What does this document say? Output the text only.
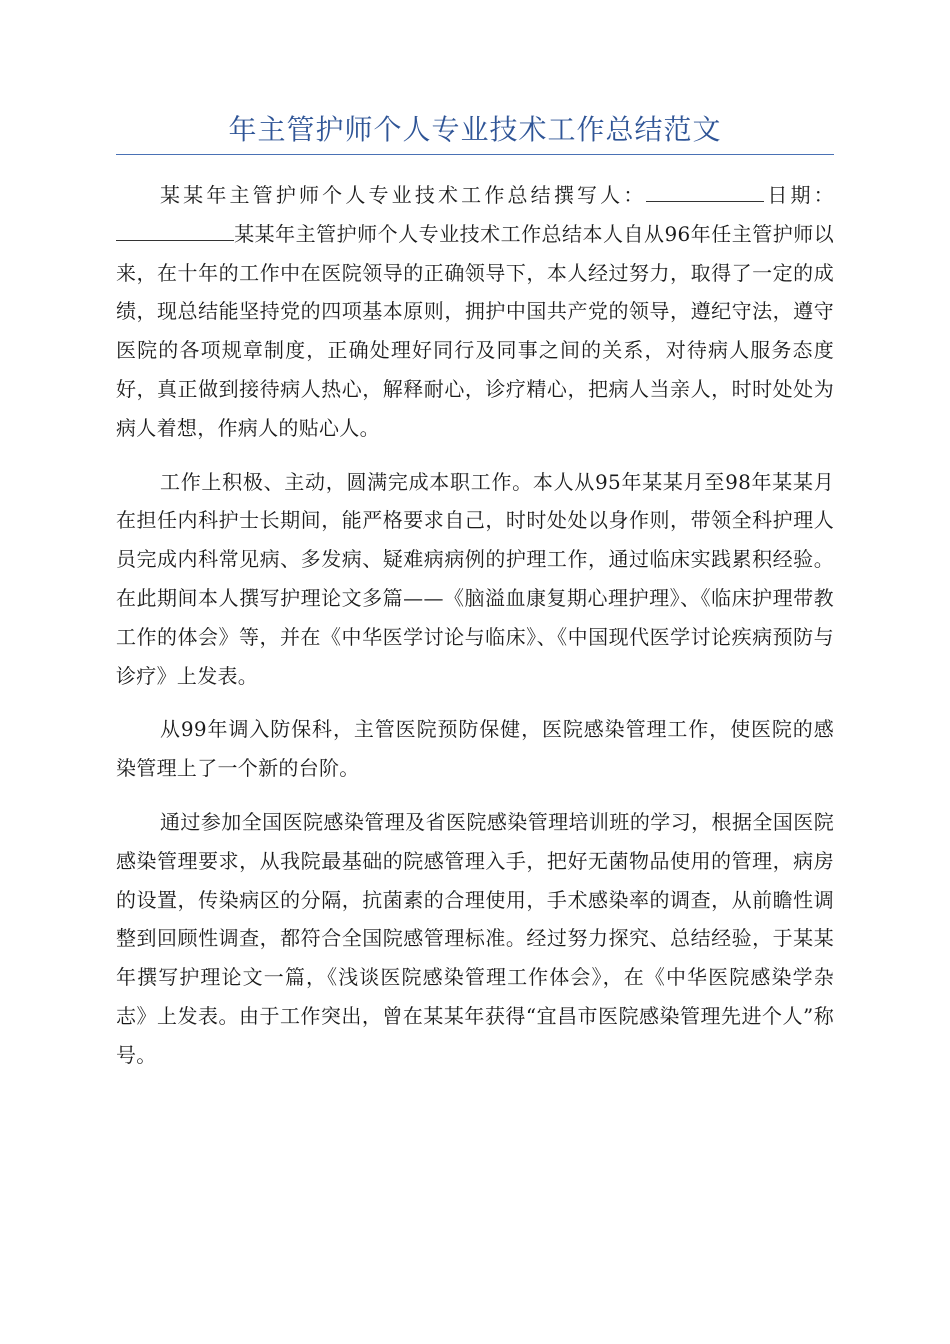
年主管护师个人专业技术工作总结范文

某某年主管护师个人专业技术工作总结撰写人：	日期：某某年主管护师个人专业技术工作总结本人自从96年任主管护师以来，在十年的工作中在医院领导的正确领导下，本人经过努力，取得了一定的成绩，现总结能坚持党的四项基本原则，拥护中国共产党的领导，遵纪守法，遵守医院的各项规章制度，正确处理好同行及同事之间的关系，对待病人服务态度好，真正做到接待病人热心，解释耐心，诊疗精心，把病人当亲人，时时处处为病人着想，作病人的贴心人。

工作上积极、主动，圆满完成本职工作。本人从95年某某月至98年某某月在担任内科护士长期间，能严格要求自己，时时处处以身作则，带领全科护理人员完成内科常见病、多发病、疑难病病例的护理工作，通过临床实践累积经验。在此期间本人撰写护理论文多篇——《脑溢血康复期心理护理》、《临床护理带教工作的体会》等，并在《中华医学讨论与临床》、《中国现代医学讨论疾病预防与诊疗》上发表。

从99年调入防保科，主管医院预防保健，医院感染管理工作，使医院的感染管理上了一个新的台阶。

通过参加全国医院感染管理及省医院感染管理培训班的学习，根据全国医院感染管理要求，从我院最基础的院感管理入手，把好无菌物品使用的管理，病房的设置，传染病区的分隔，抗菌素的合理使用，手术感染率的调查，从前瞻性调整到回顾性调查，都符合全国院感管理标准。经过努力探究、总结经验，于某某年撰写护理论文一篇，《浅谈医院感染管理工作体会》，在《中华医院感染学杂志》上发表。由于工作突出，曾在某某年获得“宜昌市医院感染管理先进个人”称号。
